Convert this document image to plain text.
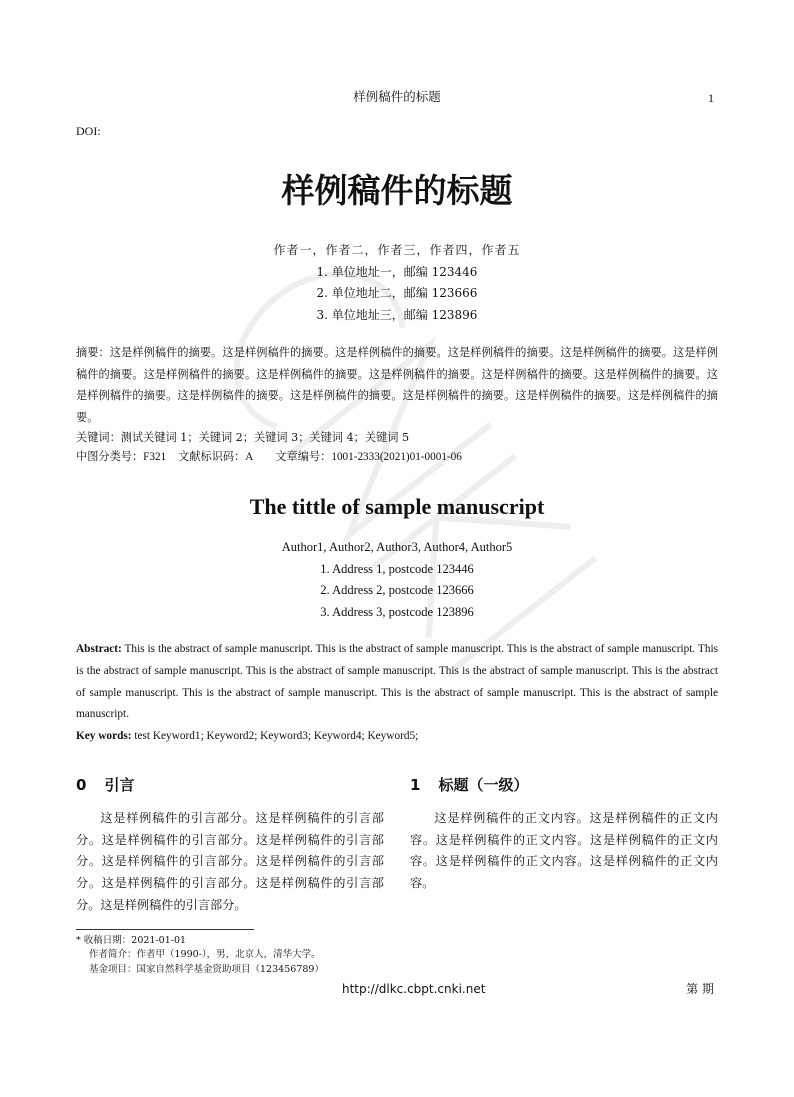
样例稿件的标题	1
DOI:
样例稿件的标题
作者一，作者二，作者三，作者四，作者五
1. 单位地址一，邮编 123446
2. 单位地址二，邮编 123666
3. 单位地址三，邮编 123896
摘要：这是样例稿件的摘要。这是样例稿件的摘要。这是样例稿件的摘要。这是样例稿件的摘要。这是样例稿件的摘要。这是样例稿件的摘要。这是样例稿件的摘要。这是样例稿件的摘要。这是样例稿件的摘要。这是样例稿件的摘要。这是样例稿件的摘要。这是样例稿件的摘要。这是样例稿件的摘要。这是样例稿件的摘要。这是样例稿件的摘要。这是样例稿件的摘要。这是样例稿件的摘要。
关键词：测试关键词 1；关键词 2；关键词 3；关键词 4；关键词 5
中图分类号：F321 文献标识码：A 文章编号：1001-2333(2021)01-0001-06
The tittle of sample manuscript
Author1, Author2, Author3, Author4, Author5
1. Address 1, postcode 123446
2. Address 2, postcode 123666
3. Address 3, postcode 123896
Abstract: This is the abstract of sample manuscript. This is the abstract of sample manuscript. This is the abstract of sample manuscript. This is the abstract of sample manuscript. This is the abstract of sample manuscript. This is the abstract of sample manuscript. This is the abstract of sample manuscript. This is the abstract of sample manuscript. This is the abstract of sample manuscript. This is the abstract of sample manuscript.
Key words: test Keyword1; Keyword2; Keyword3; Keyword4; Keyword5;
0 引言
这是样例稿件的引言部分。这是样例稿件的引言部分。这是样例稿件的引言部分。这是样例稿件的引言部分。这是样例稿件的引言部分。这是样例稿件的引言部分。这是样例稿件的引言部分。这是样例稿件的引言部分。这是样例稿件的引言部分。
1 标题（一级）
这是样例稿件的正文内容。这是样例稿件的正文内容。这是样例稿件的正文内容。这是样例稿件的正文内容。这是样例稿件的正文内容。这是样例稿件的正文内容。
* 收稿日期：2021-01-01
作者简介：作者甲（1990-），男，北京人，清华大学。
基金项目：国家自然科学基金资助项目（123456789）
http://dlkc.cbpt.cnki.net	第 期
